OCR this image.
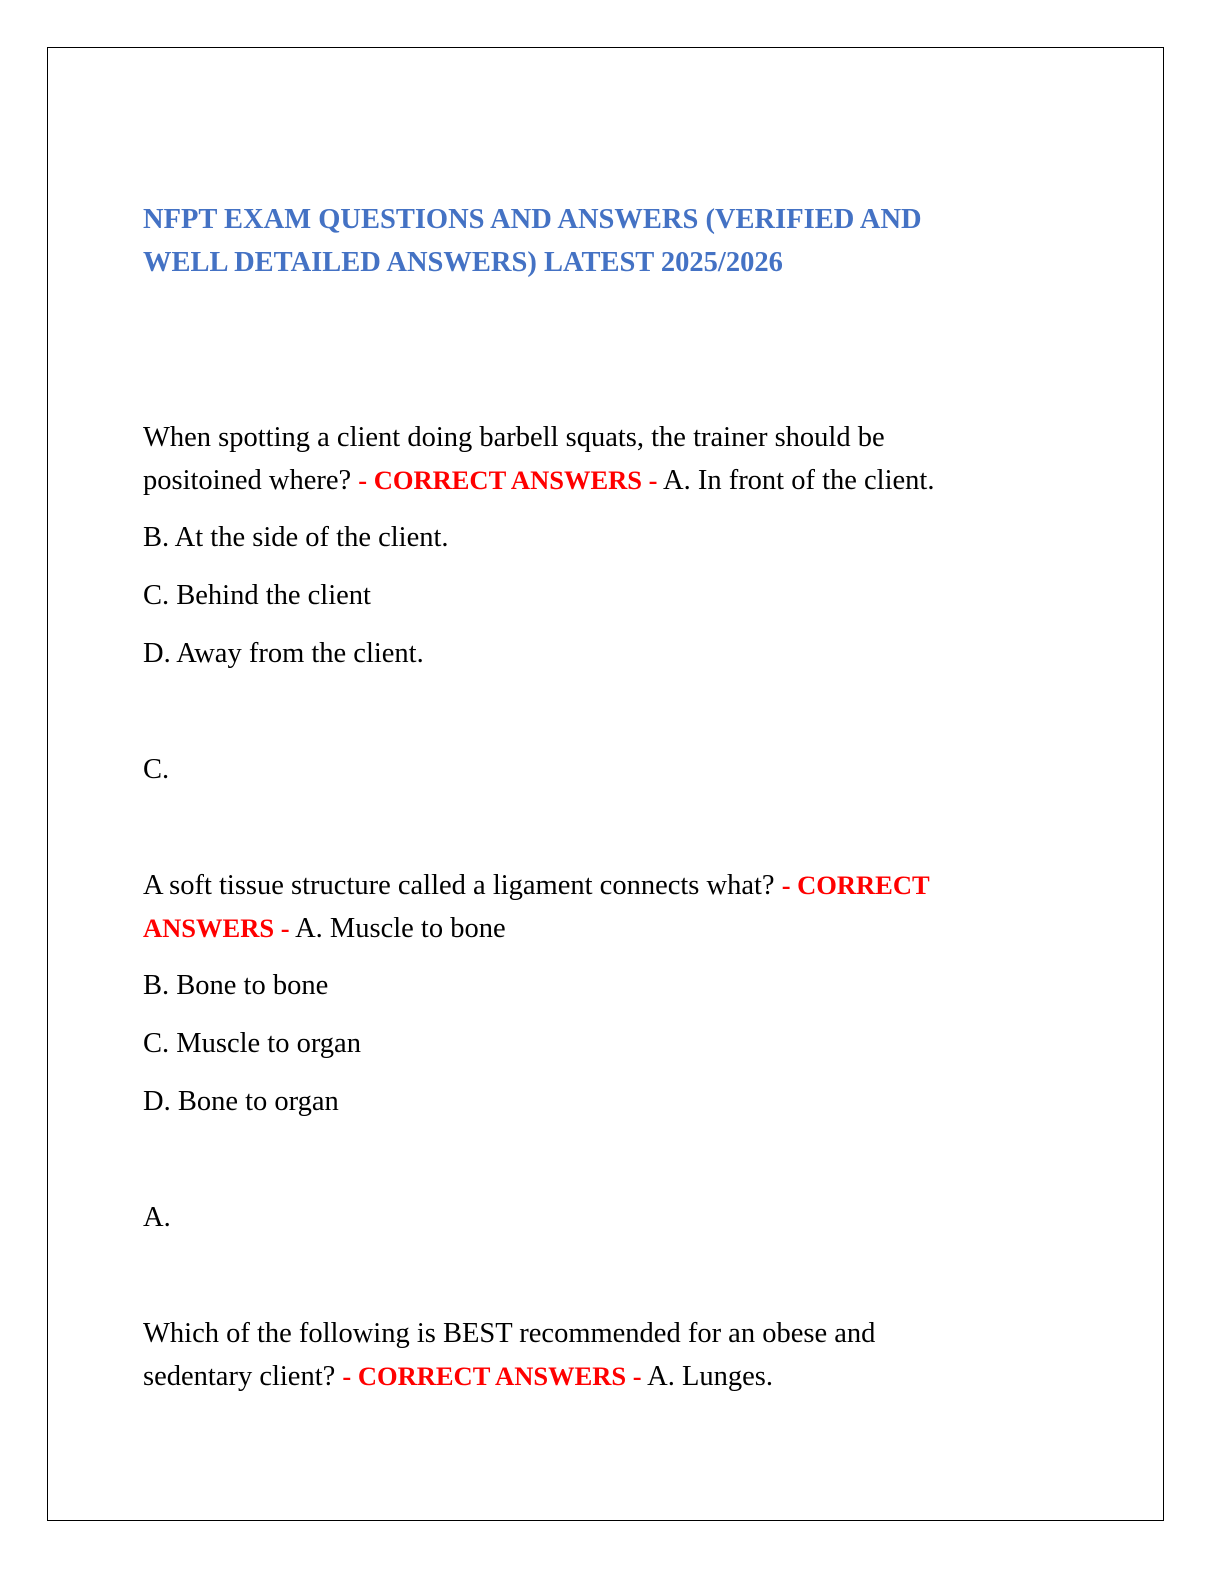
NFPT EXAM QUESTIONS AND ANSWERS (VERIFIED AND
WELL DETAILED ANSWERS) LATEST 2025/2026

When spotting a client doing barbell squats, the trainer should be

positoined where? - CORRECT ANSWERS - A. In front of the client.

B. At the side of the client.

C. Behind the client

D. Away from the client.

C.

A soft tissue structure called a ligament connects what? - CORRECT

ANSWERS - A. Muscle to bone

B. Bone to bone

C. Muscle to organ

D. Bone to organ

A.

Which of the following is BEST recommended for an obese and

sedentary client? - CORRECT ANSWERS - A. Lunges.
